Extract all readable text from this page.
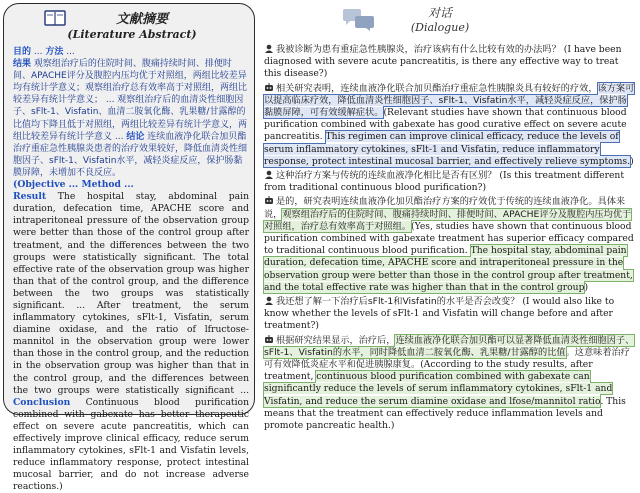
文献摘要
(Literature Abstract)
目的 ... 方法 ...
结果 观察组治疗后的住院时间、腹痛持续时间、排便时间、APACHE评分及腹腔内压均优于对照组，两组比较差异均有统计学意义；观察组治疗总有效率高于对照组，两组比较差异有统计学意义； ... 观察组治疗后的血清炎性细胞因子、sFlt-1、Visfatin、血清二胺氧化酶、乳果糖/甘露醇的比值均下降且低于对照组，两组比较差异有统计学意义，两组比较差异有统计学意义 ... 结论 连续血液净化联合加贝酯治疗重症急性胰腺炎患者的治疗效果较好，降低血清炎性细胞因子、sFlt-1、Visfatin水平，减轻炎症反应，保护肠黏膜屏障，未增加不良反应。
(Objective ... Method ...
Result The hospital stay, abdominal pain duration, defecation time, APACHE score and intraperitoneal pressure of the observation group were better than those of the control group after treatment, and the differences between the two groups were statistically significant. The total effective rate of the observation group was higher than that of the control group, and the difference between the two groups was statistically significant. ... After treatment, the serum inflammatory cytokines, sFlt-1, Visfatin, serum diamine oxidase, and the ratio of lfructose-mannitol in the observation group were lower than those in the control group, and the reduction in the observation group was higher than that in the control group, and the differences between the two groups were statistically significant ... Conclusion Continuous blood purification combined with gabexate has better therapeutic effect on severe acute pancreatitis, which can effectively improve clinical efficacy, reduce serum inflammatory cytokines, sFlt-1 and Visfatin levels, reduce inflammatory response, protect intestinal mucosal barrier, and do not increase adverse reactions.)
对话
(Dialogue)
我被诊断为患有重症急性胰腺炎，治疗该病有什么比较有效的办法吗？ (I have been diagnosed with severe acute pancreatitis, is there any effective way to treat this disease?)
相关研究表明，连续血液净化联合加贝酯治疗重症急性胰腺炎具有较好的疗效，该方案可以提高临床疗效，降低血清炎性细胞因子、sFlt-1、Visfatin水平，减轻炎症反应，保护肠黏膜屏障，可有效缓解症状。(Relevant studies have shown that continuous blood purification combined with gabexate has good curative effect on severe acute pancreatitis. This regimen can improve clinical efficacy, reduce the levels of serum inflammatory cytokines, sFlt-1 and Visfatin, reduce inflammatory response, protect intestinal mucosal barrier, and effectively relieve symptoms.)
这种治疗方案与传统的连续血液净化相比是否有区别？ (Is this treatment different from traditional continuous blood purification?)
是的，研究表明连续血液净化加贝酯治疗方案的疗效优于传统的连续血液净化。具体来说，观察组治疗后的住院时间、腹痛持续时间、排便时间、APACHE评分及腹腔内压均优于对照组，治疗总有效率高于对照组。(Yes, studies have shown that continuous blood purification combined with gabexate treatment has superior efficacy compared to traditional continuous blood purification. The hospital stay, abdominal pain duration, defecation time, APACHE score and intraperitoneal pressure in the observation group were better than those in the control group after treatment, and the total effective rate was higher than that in the control group)
我还想了解一下治疗后sFlt-1和Visfatin的水平是否会改变？ (I would also like to know whether the levels of sFlt-1 and Visfatin will change before and after treatment?)
根据研究结果显示，治疗后，连续血液净化联合加贝酯可以显著降低血清炎性细胞因子、sFlt-1、Visfatin的水平，同时降低血清二胺氧化酶、乳果糖/甘露醇的比值。这意味着治疗可有效降低炎症水平和促进胰腺康复。(According to the study results, after treatment, continuous blood purification combined with gabexate can significantly reduce the levels of serum inflammatory cytokines, sFlt-1 and Visfatin, and reduce the serum diamine oxidase and lfose/mannitol ratio. This means that the treatment can effectively reduce inflammation levels and promote pancreatic health.)
